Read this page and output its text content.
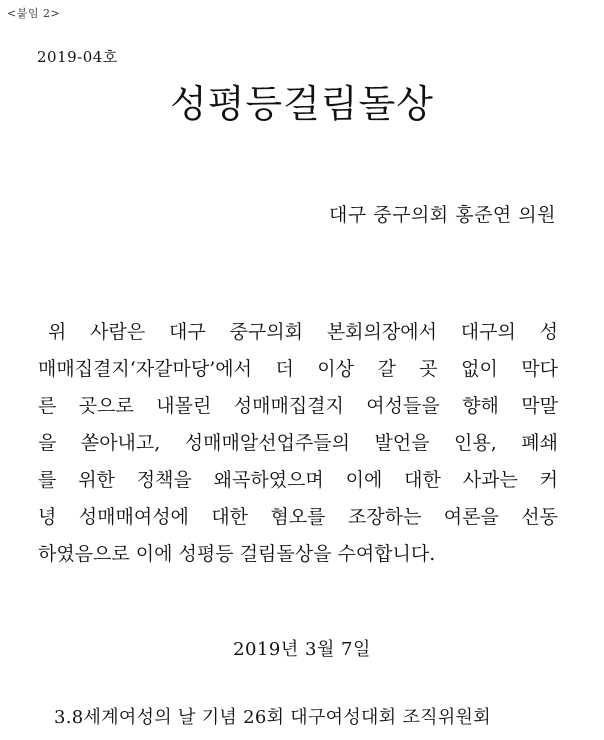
<붙임 2>
2019-04호
성평등걸림돌상
대구 중구의회 홍준연 의원
위 사람은 대구 중구의회 본회의장에서 대구의 성
매매집결지‘자갈마당’에서 더 이상 갈 곳 없이 막다
른 곳으로 내몰린 성매매집결지 여성들을 향해 막말
을 쏟아내고, 성매매알선업주들의 발언을 인용, 폐쇄
를 위한 정책을 왜곡하였으며 이에 대한 사과는 커
녕 성매매여성에 대한 혐오를 조장하는 여론을 선동
하였음으로 이에 성평등 걸림돌상을 수여합니다.
2019년 3월 7일
3.8세계여성의 날 기념 26회 대구여성대회 조직위원회
